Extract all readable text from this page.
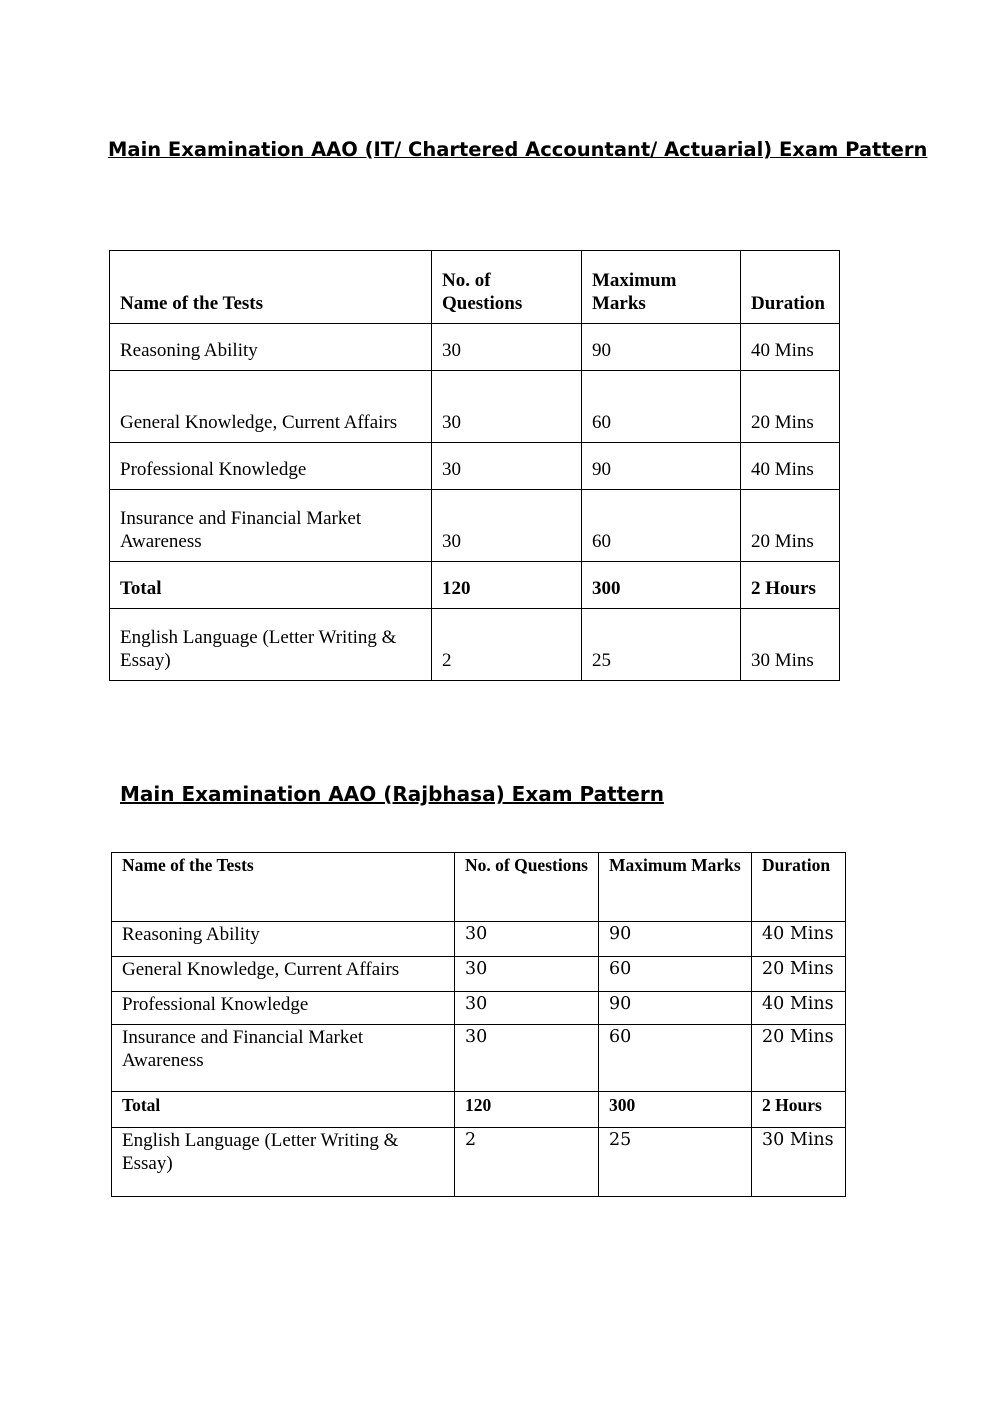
Main Examination AAO (IT/ Chartered Accountant/ Actuarial) Exam Pattern
Name of the Tests	No. of Questions	Maximum Marks	Duration
Reasoning Ability	30	90	40 Mins
General Knowledge, Current Affairs	30	60	20 Mins
Professional Knowledge	30	90	40 Mins
Insurance and Financial Market Awareness	30	60	20 Mins
Total	120	300	2 Hours
English Language (Letter Writing & Essay)	2	25	30 Mins
Main Examination AAO (Rajbhasa) Exam Pattern
Name of the Tests	No. of Questions	Maximum Marks	Duration
Reasoning Ability	30	90	40 Mins
General Knowledge, Current Affairs	30	60	20 Mins
Professional Knowledge	30	90	40 Mins
Insurance and Financial Market Awareness	30	60	20 Mins
Total	120	300	2 Hours
English Language (Letter Writing & Essay)	2	25	30 Mins
